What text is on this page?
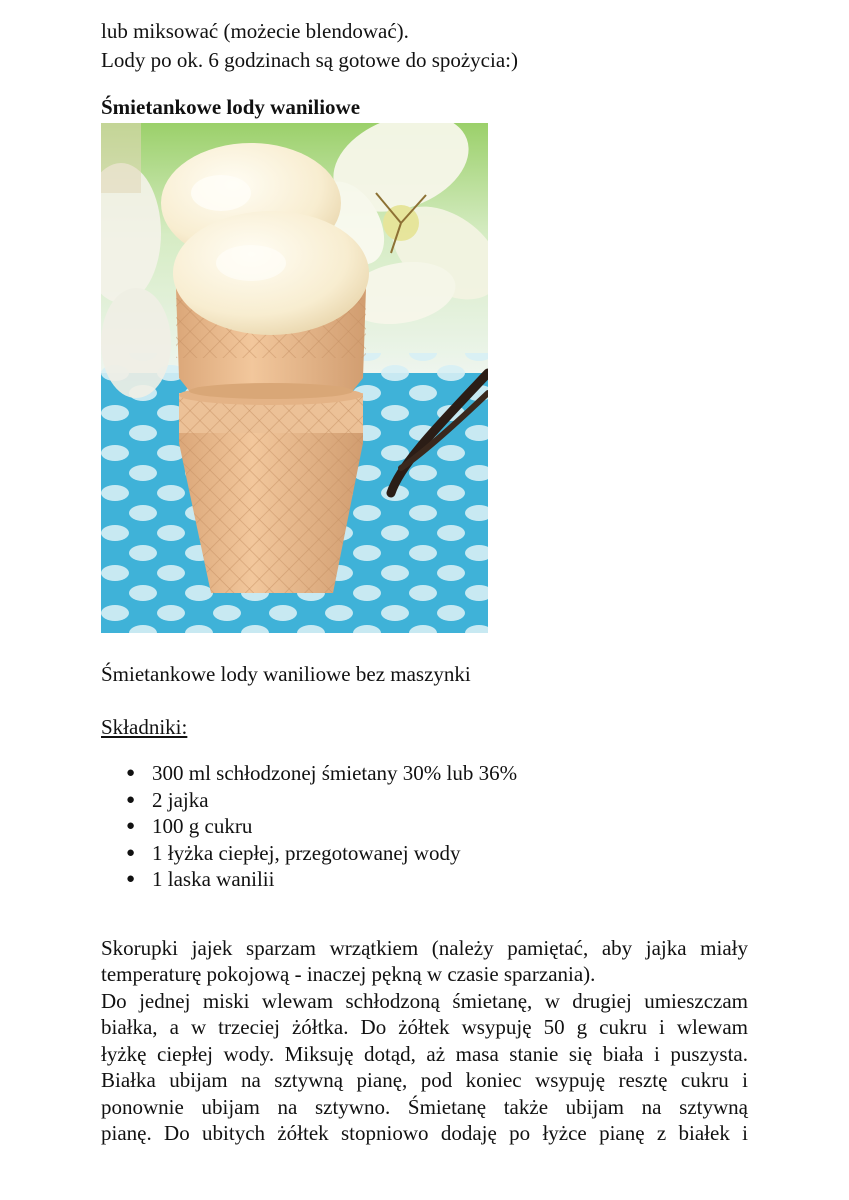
lub miksować (możecie blendować).
Lody po ok. 6 godzinach są gotowe do spożycia:)
Śmietankowe lody waniliowe
Śmietankowe lody waniliowe bez maszynki
Składniki:
● 300 ml schłodzonej śmietany 30% lub 36%
● 2 jajka
● 100 g cukru
● 1 łyżka ciepłej, przegotowanej wody
● 1 laska wanilii
Skorupki jajek sparzam wrzątkiem (należy pamiętać, aby jajka miały
temperaturę pokojową - inaczej pękną w czasie sparzania).
Do jednej miski wlewam schłodzoną śmietanę, w drugiej umieszczam
białka, a w trzeciej żółtka. Do żółtek wsypuję 50 g cukru i wlewam
łyżkę ciepłej wody. Miksuję dotąd, aż masa stanie się biała i puszysta.
Białka ubijam na sztywną pianę, pod koniec wsypuję resztę cukru i
ponownie ubijam na sztywno. Śmietanę także ubijam na sztywną
pianę. Do ubitych żółtek stopniowo dodaję po łyżce pianę z białek i
